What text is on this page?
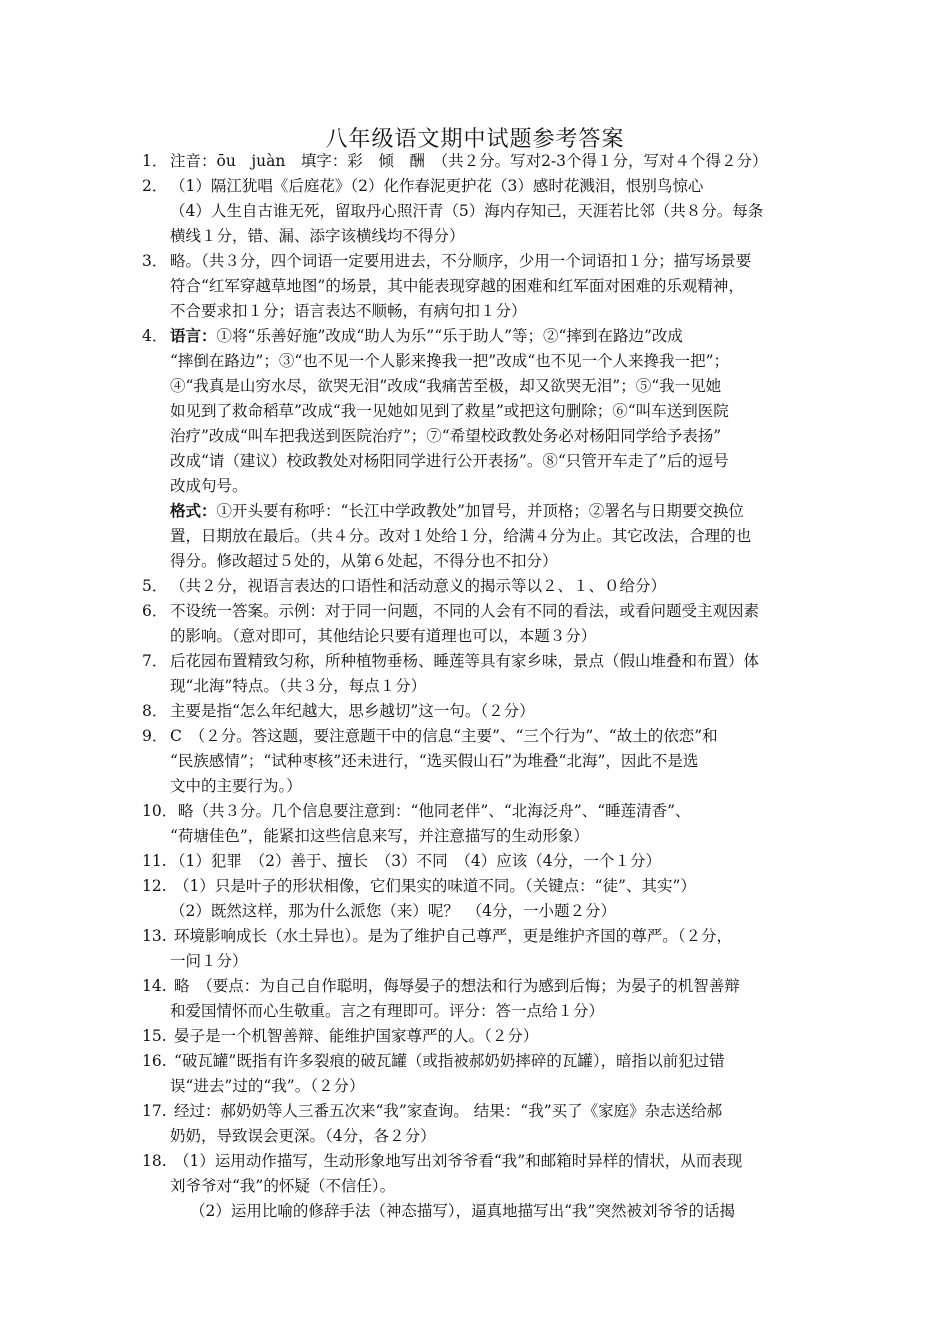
八年级语文期中试题参考答案
1． 注音：ōu　juàn　填字：彩　倾　酬　（共２分。写对2-3个得１分，写对４个得２分）
2． （1）隔江犹唱《后庭花》（2）化作春泥更护花（3）感时花溅泪，恨别鸟惊心
（4）人生自古谁无死，留取丹心照汗青（5）海内存知己，天涯若比邻（共８分。每条
横线１分，错、漏、添字该横线均不得分）
3． 略。（共３分，四个词语一定要用进去，不分顺序，少用一个词语扣１分；描写场景要
符合“红军穿越草地图”的场景，其中能表现穿越的困难和红军面对困难的乐观精神，
不合要求扣１分；语言表达不顺畅，有病句扣１分）
4． 语言：①将“乐善好施”改成“助人为乐”“乐于助人”等；②“摔到在路边”改成
“摔倒在路边”；③“也不见一个人影来搀我一把”改成“也不见一个人来搀我一把”；
④“我真是山穷水尽，欲哭无泪”改成“我痛苦至极，却又欲哭无泪”；⑤“我一见她
如见到了救命稻草”改成“我一见她如见到了救星”或把这句删除；⑥“叫车送到医院
治疗”改成“叫车把我送到医院治疗”；⑦“希望校政教处务必对杨阳同学给予表扬”
改成“请（建议）校政教处对杨阳同学进行公开表扬”。⑧“只管开车走了”后的逗号
改成句号。
格式：①开头要有称呼：“长江中学政教处”加冒号，并顶格；②署名与日期要交换位
置，日期放在最后。（共４分。改对１处给１分，给满４分为止。其它改法，合理的也
得分。修改超过５处的，从第６处起，不得分也不扣分）
5． （共２分，视语言表达的口语性和活动意义的揭示等以２、１、０给分）
6． 不设统一答案。示例：对于同一问题，不同的人会有不同的看法，或看问题受主观因素
的影响。（意对即可，其他结论只要有道理也可以，本题３分）
7． 后花园布置精致匀称，所种植物垂杨、睡莲等具有家乡味，景点（假山堆叠和布置）体
现“北海”特点。（共３分，每点１分）
8． 主要是指“怎么年纪越大，思乡越切”这一句。（２分）
9． C　（２分。答这题，要注意题干中的信息“主要”、“三个行为”、“故土的依恋”和
“民族感情”；“试种枣核”还未进行，“选买假山石”为堆叠“北海”，因此不是选
文中的主要行为。）
10． 略（共３分。几个信息要注意到：“他同老伴”、“北海泛舟”、“睡莲清香”、
“荷塘佳色”，能紧扣这些信息来写，并注意描写的生动形象）
11. （1）犯罪　（2）善于、擅长　（3）不同　（4）应该（4分，一个１分）
12. （1）只是叶子的形状相像，它们果实的味道不同。（关键点：“徒”、其实”）
（2）既然这样，那为什么派您（来）呢？　（4分，一小题２分）
13. 环境影响成长（水土异也）。是为了维护自己尊严，更是维护齐国的尊严。（２分，
一问１分）
14. 略　（要点：为自己自作聪明，侮辱晏子的想法和行为感到后悔；为晏子的机智善辩
和爱国情怀而心生敬重。言之有理即可。评分：答一点给１分）
15. 晏子是一个机智善辩、能维护国家尊严的人。（２分）
16. “破瓦罐”既指有许多裂痕的破瓦罐（或指被郝奶奶摔碎的瓦罐），暗指以前犯过错
误“进去”过的“我”。（２分）
17. 经过：郝奶奶等人三番五次来“我”家查询。 结果：“我”买了《家庭》杂志送给郝
奶奶，导致误会更深。（4分，各２分）
18. （1）运用动作描写，生动形象地写出刘爷爷看“我”和邮箱时异样的情状，从而表现
刘爷爷对“我”的怀疑（不信任）。
（2）运用比喻的修辞手法（神态描写），逼真地描写出“我”突然被刘爷爷的话揭
